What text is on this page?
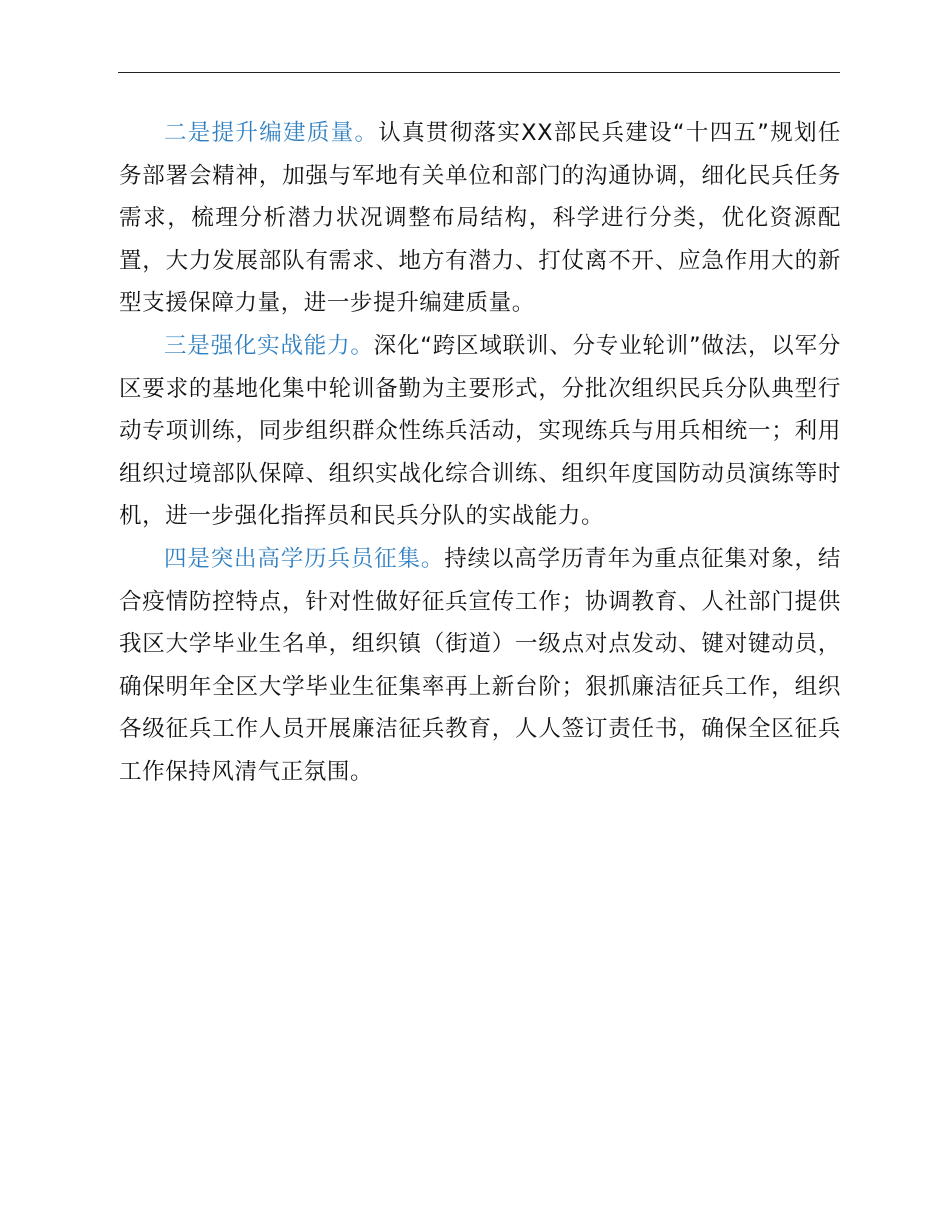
二是提升编建质量。认真贯彻落实XX部民兵建设“十四五”规划任务部署会精神，加强与军地有关单位和部门的沟通协调，细化民兵任务需求，梳理分析潜力状况调整布局结构，科学进行分类，优化资源配置，大力发展部队有需求、地方有潜力、打仗离不开、应急作用大的新型支援保障力量，进一步提升编建质量。

三是强化实战能力。深化“跨区域联训、分专业轮训”做法，以军分区要求的基地化集中轮训备勤为主要形式，分批次组织民兵分队典型行动专项训练，同步组织群众性练兵活动，实现练兵与用兵相统一；利用组织过境部队保障、组织实战化综合训练、组织年度国防动员演练等时机，进一步强化指挥员和民兵分队的实战能力。

四是突出高学历兵员征集。持续以高学历青年为重点征集对象，结合疫情防控特点，针对性做好征兵宣传工作；协调教育、人社部门提供我区大学毕业生名单，组织镇（街道）一级点对点发动、键对键动员，确保明年全区大学毕业生征集率再上新台阶；狠抓廉洁征兵工作，组织各级征兵工作人员开展廉洁征兵教育，人人签订责任书，确保全区征兵工作保持风清气正氛围。
